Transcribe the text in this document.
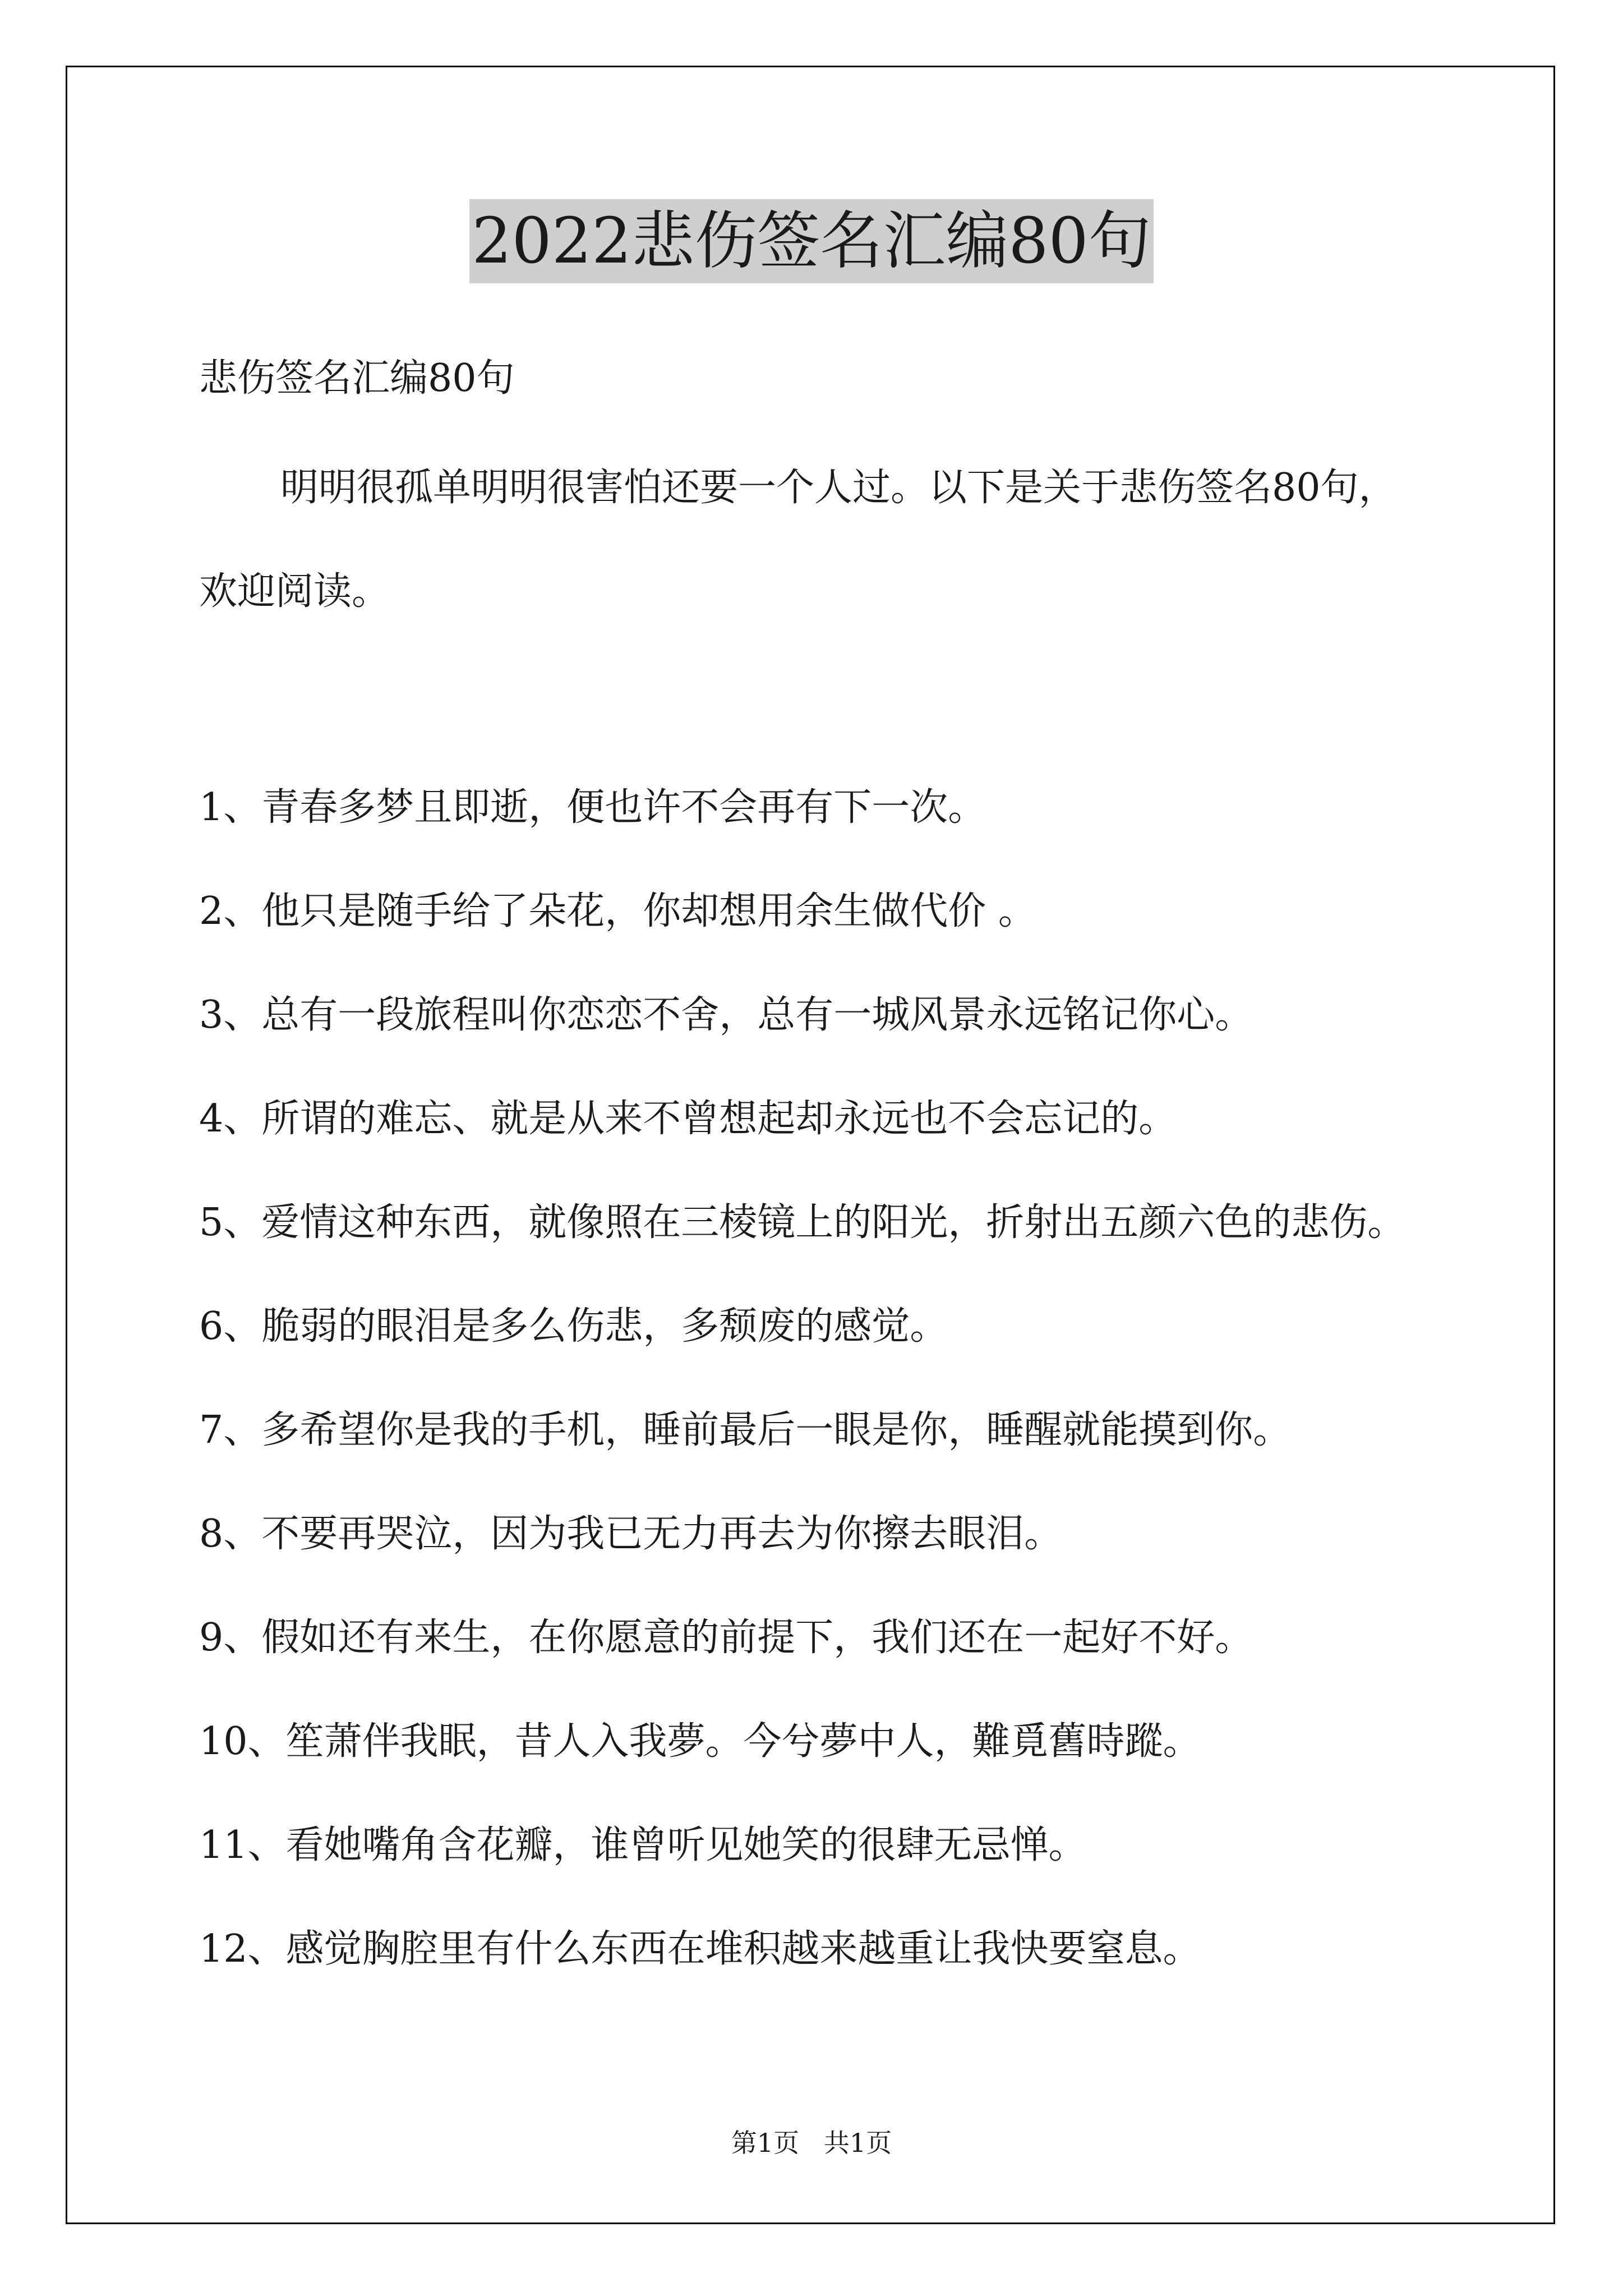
2022悲伤签名汇编80句
悲伤签名汇编80句
明明很孤单明明很害怕还要一个人过。以下是关于悲伤签名80句，
欢迎阅读。
1、青春多梦且即逝，便也许不会再有下一次。
2、他只是随手给了朵花，你却想用余生做代价 。
3、总有一段旅程叫你恋恋不舍，总有一城风景永远铭记你心。
4、所谓的难忘、就是从来不曾想起却永远也不会忘记的。
5、爱情这种东西，就像照在三棱镜上的阳光，折射出五颜六色的悲伤。
6、脆弱的眼泪是多么伤悲，多颓废的感觉。
7、多希望你是我的手机，睡前最后一眼是你，睡醒就能摸到你。
8、不要再哭泣，因为我已无力再去为你擦去眼泪。
9、假如还有来生，在你愿意的前提下，我们还在一起好不好。
10、笙萧伴我眠，昔人入我夢。今兮夢中人，難覓舊時蹤。
11、看她嘴角含花瓣，谁曾听见她笑的很肆无忌惮。
12、感觉胸腔里有什么东西在堆积越来越重让我快要窒息。
第1页   共1页
